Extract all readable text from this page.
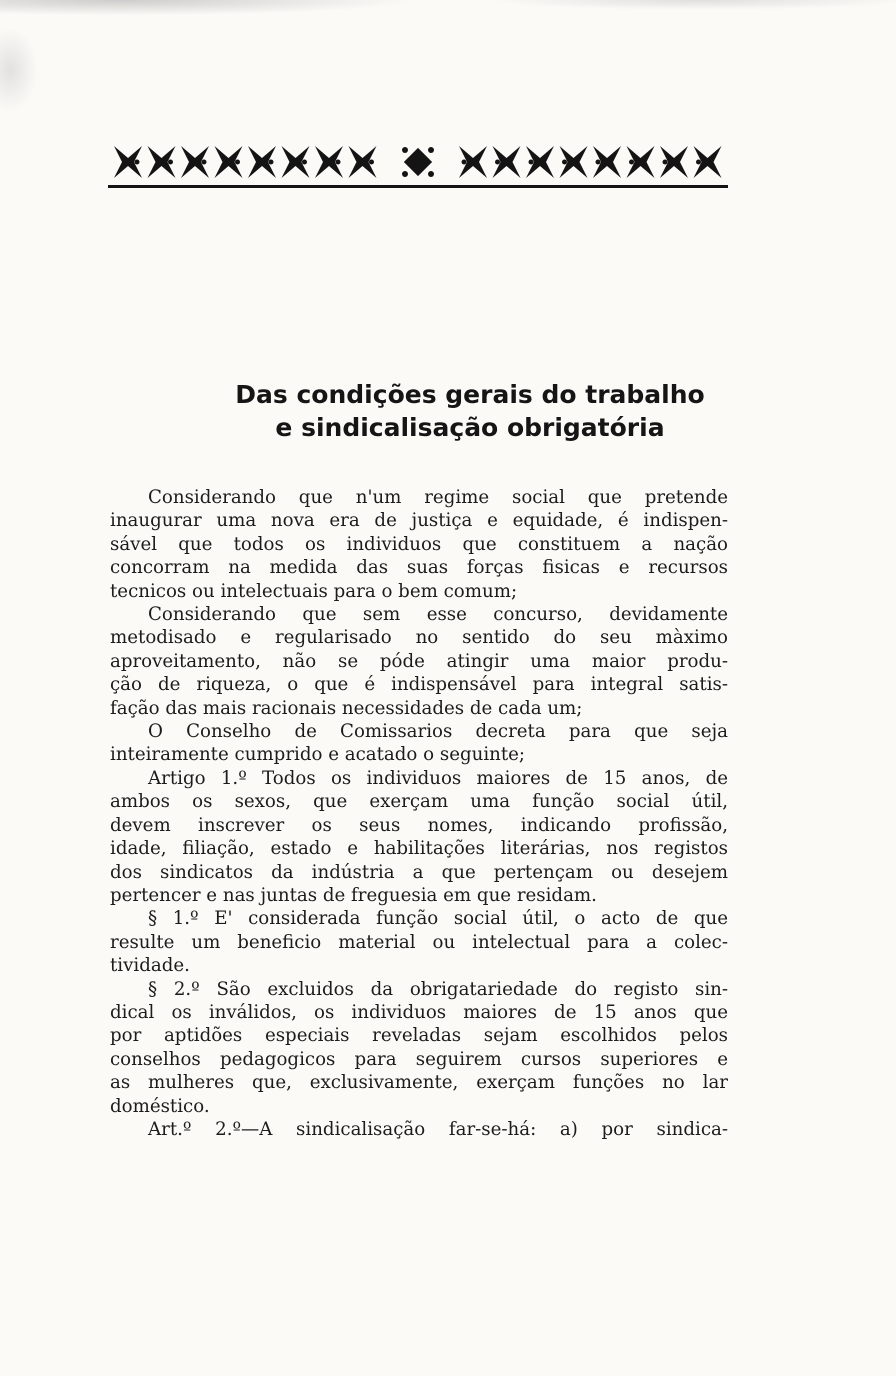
Das condições gerais do trabalho
e sindicalisação obrigatória
Considerando que n'um regime social que pretende
inaugurar uma nova era de justiça e equidade, é indispen-
sável que todos os individuos que constituem a nação
concorram na medida das suas forças fisicas e recursos
tecnicos ou intelectuais para o bem comum;
Considerando que sem esse concurso, devidamente
metodisado e regularisado no sentido do seu màximo
aproveitamento, não se póde atingir uma maior produ-
ção de riqueza, o que é indispensável para integral satis-
fação das mais racionais necessidades de cada um;
O Conselho de Comissarios decreta para que seja
inteiramente cumprido e acatado o seguinte;
Artigo 1.º Todos os individuos maiores de 15 anos, de
ambos os sexos, que exerçam uma função social útil,
devem inscrever os seus nomes, indicando profissão,
idade, filiação, estado e habilitações literárias, nos registos
dos sindicatos da indústria a que pertençam ou desejem
pertencer e nas juntas de freguesia em que residam.
§ 1.º E' considerada função social útil, o acto de que
resulte um beneficio material ou intelectual para a colec-
tividade.
§ 2.º São excluidos da obrigatariedade do registo sin-
dical os inválidos, os individuos maiores de 15 anos que
por aptidões especiais reveladas sejam escolhidos pelos
conselhos pedagogicos para seguirem cursos superiores e
as mulheres que, exclusivamente, exerçam funções no lar
doméstico.
Art.º 2.º—A sindicalisação far-se-há: a) por sindica-
